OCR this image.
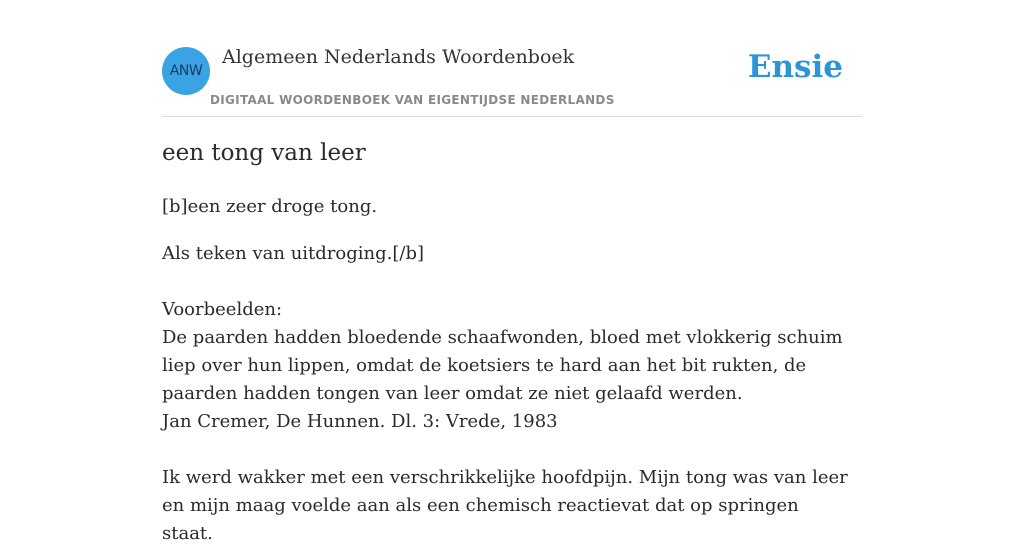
ANW
Algemeen Nederlands Woordenboek
DIGITAAL WOORDENBOEK VAN EIGENTIJDSE NEDERLANDS
Ensie
een tong van leer

[b]een zeer droge tong.

Als teken van uitdroging.[/b]

Voorbeelden:
De paarden hadden bloedende schaafwonden, bloed met vlokkerig schuim liep over hun lippen, omdat de koetsiers te hard aan het bit rukten, de paarden hadden tongen van leer omdat ze niet gelaafd werden.
Jan Cremer, De Hunnen. Dl. 3: Vrede, 1983

Ik werd wakker met een verschrikkelijke hoofdpijn. Mijn tong was van leer en mijn maag voelde aan als een chemisch reactievat dat op springen staat.
